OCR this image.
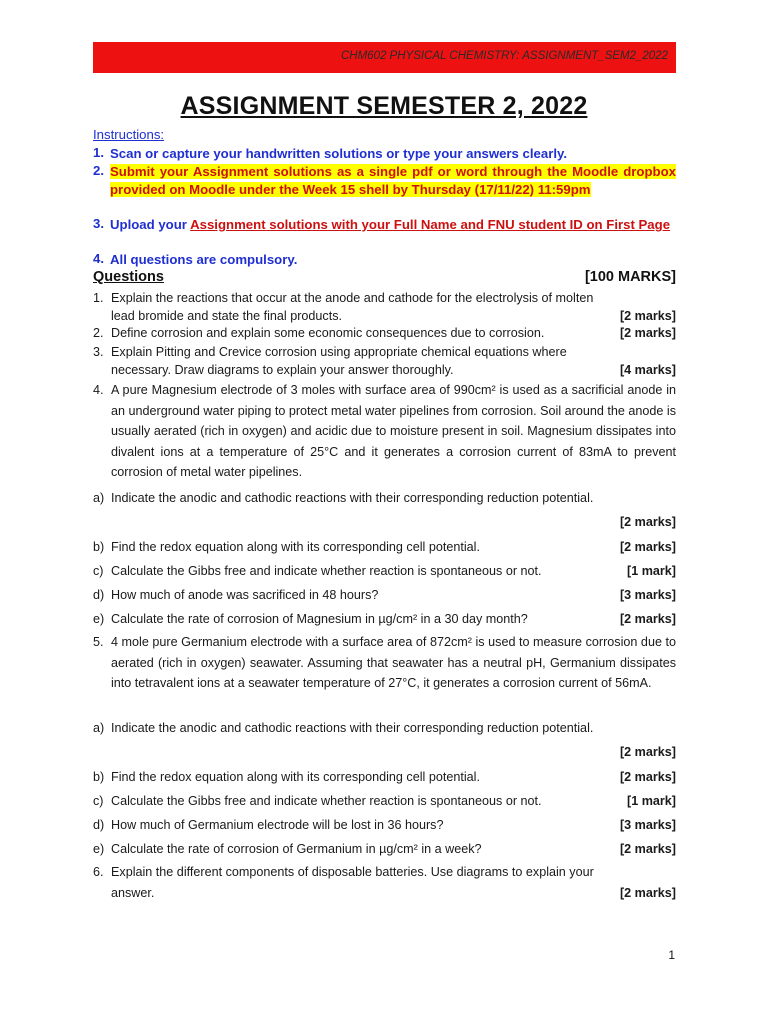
CHM602 PHYSICAL CHEMISTRY: ASSIGNMENT_SEM2_2022
ASSIGNMENT SEMESTER 2, 2022
Instructions:
1. Scan or capture your handwritten solutions or type your answers clearly.
2. Submit your Assignment solutions as a single pdf or word through the Moodle dropbox provided on Moodle under the Week 15 shell by Thursday (17/11/22) 11:59pm
3. Upload your Assignment solutions with your Full Name and FNU student ID on First Page
4. All questions are compulsory.
Questions	[100 MARKS]
1. Explain the reactions that occur at the anode and cathode for the electrolysis of molten
lead bromide and state the final products.	[2 marks]
2. Define corrosion and explain some economic consequences due to corrosion.	[2 marks]
3. Explain Pitting and Crevice corrosion using appropriate chemical equations where
necessary. Draw diagrams to explain your answer thoroughly.	[4 marks]
4. A pure Magnesium electrode of 3 moles with surface area of 990cm² is used as a sacrificial anode in an underground water piping to protect metal water pipelines from corrosion. Soil around the anode is usually aerated (rich in oxygen) and acidic due to moisture present in soil. Magnesium dissipates into divalent ions at a temperature of 25°C and it generates a corrosion current of 83mA to prevent corrosion of metal water pipelines.
a) Indicate the anodic and cathodic reactions with their corresponding reduction potential.
[2 marks]
b) Find the redox equation along with its corresponding cell potential.	[2 marks]
c) Calculate the Gibbs free and indicate whether reaction is spontaneous or not.	[1 mark]
d) How much of anode was sacrificed in 48 hours?	[3 marks]
e) Calculate the rate of corrosion of Magnesium in µg/cm² in a 30 day month?	[2 marks]
5. 4 mole pure Germanium electrode with a surface area of 872cm² is used to measure corrosion due to aerated (rich in oxygen) seawater. Assuming that seawater has a neutral pH, Germanium dissipates into tetravalent ions at a seawater temperature of 27°C, it generates a corrosion current of 56mA.
a) Indicate the anodic and cathodic reactions with their corresponding reduction potential.
[2 marks]
b) Find the redox equation along with its corresponding cell potential.	[2 marks]
c) Calculate the Gibbs free and indicate whether reaction is spontaneous or not.	[1 mark]
d) How much of Germanium electrode will be lost in 36 hours?	[3 marks]
e) Calculate the rate of corrosion of Germanium in µg/cm² in a week?	[2 marks]
6. Explain the different components of disposable batteries. Use diagrams to explain your
answer.	[2 marks]
1
